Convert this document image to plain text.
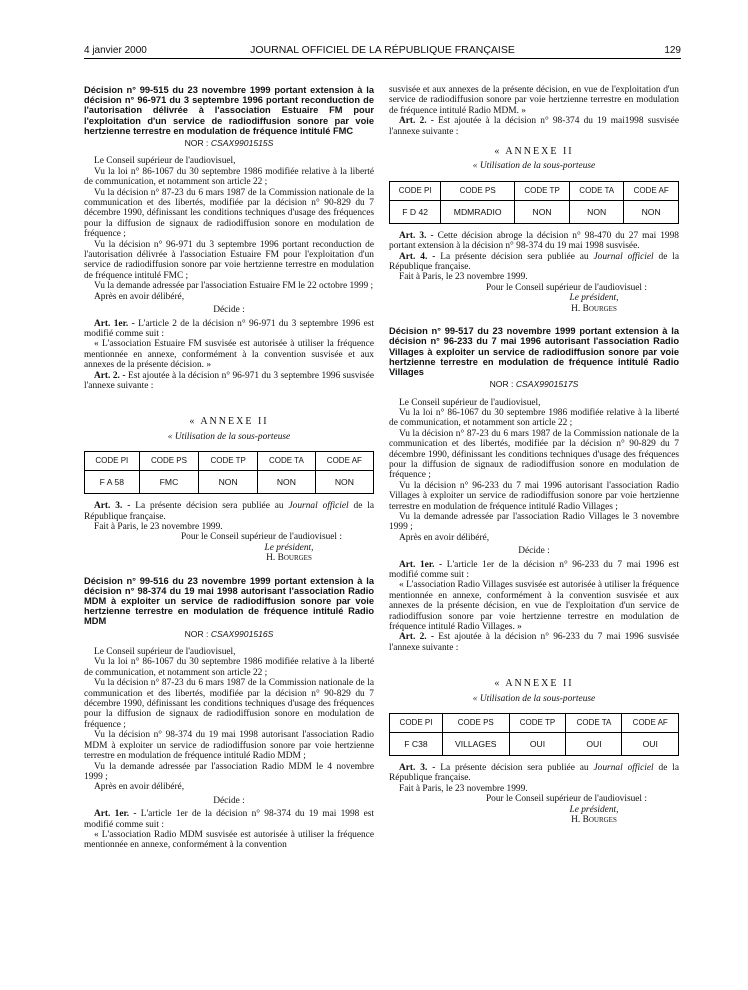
4 janvier 2000	JOURNAL OFFICIEL DE LA RÉPUBLIQUE FRANÇAISE	129
Décision n° 99-515 du 23 novembre 1999 portant extension à la décision n° 96-971 du 3 septembre 1996 portant reconduction de l'autorisation délivrée à l'association Estuaire FM pour l'exploitation d'un service de radiodiffusion sonore par voie hertzienne terrestre en modulation de fréquence intitulé FMC
NOR : CSAX9901515S

Le Conseil supérieur de l'audiovisuel,

Vu la loi n° 86-1067 du 30 septembre 1986 modifiée relative à la liberté de communication, et notamment son article 22 ;

Vu la décision n° 87-23 du 6 mars 1987 de la Commission nationale de la communication et des libertés, modifiée par la décision n° 90-829 du 7 décembre 1990, définissant les conditions techniques d'usage des fréquences pour la diffusion de signaux de radiodiffusion sonore en modulation de fréquence ;

Vu la décision n° 96-971 du 3 septembre 1996 portant reconduction de l'autorisation délivrée à l'association Estuaire FM pour l'exploitation d'un service de radiodiffusion sonore par voie hertzienne terrestre en modulation de fréquence intitulé FMC ;

Vu la demande adressée par l'association Estuaire FM le 22 octobre 1999 ;

Après en avoir délibéré,

Décide :

Art. 1er. - L'article 2 de la décision n° 96-971 du 3 septembre 1996 est modifié comme suit :

« L'association Estuaire FM susvisée est autorisée à utiliser la fréquence mentionnée en annexe, conformément à la convention susvisée et aux annexes de la présente décision. »

Art. 2. - Est ajoutée à la décision n° 96-971 du 3 septembre 1996 susvisée l'annexe suivante :

« ANNEXE II
« Utilisation de la sous-porteuse
CODE PI	CODE PS	CODE TP	CODE TA	CODE AF
F A 58	FMC	NON	NON	NON

Art. 3. - La présente décision sera publiée au Journal officiel de la République française.

Fait à Paris, le 23 novembre 1999.

Pour le Conseil supérieur de l'audiovisuel :

Le président,

H. Bourges

Décision n° 99-516 du 23 novembre 1999 portant extension à la décision n° 98-374 du 19 mai 1998 autorisant l'association Radio MDM à exploiter un service de radiodiffusion sonore par voie hertzienne terrestre en modulation de fréquence intitulé Radio MDM
NOR : CSAX9901516S

Le Conseil supérieur de l'audiovisuel,

Vu la loi n° 86-1067 du 30 septembre 1986 modifiée relative à la liberté de communication, et notamment son article 22 ;

Vu la décision n° 87-23 du 6 mars 1987 de la Commission nationale de la communication et des libertés, modifiée par la décision n° 90-829 du 7 décembre 1990, définissant les conditions techniques d'usage des fréquences pour la diffusion de signaux de radiodiffusion sonore en modulation de fréquence ;

Vu la décision n° 98-374 du 19 mai 1998 autorisant l'association Radio MDM à exploiter un service de radiodiffusion sonore par voie hertzienne terrestre en modulation de fréquence intitulé Radio MDM ;

Vu la demande adressée par l'association Radio MDM le 4 novembre 1999 ;

Après en avoir délibéré,

Décide :

Art. 1er. - L'article 1er de la décision n° 98-374 du 19 mai 1998 est modifié comme suit :

« L'association Radio MDM susvisée est autorisée à utiliser la fréquence mentionnée en annexe, conformément à la convention

susvisée et aux annexes de la présente décision, en vue de l'exploitation d'un service de radiodiffusion sonore par voie hertzienne terrestre en modulation de fréquence intitulé Radio MDM. »

Art. 2. - Est ajoutée à la décision n° 98-374 du 19 mai1998 susvisée l'annexe suivante :

« ANNEXE II
« Utilisation de la sous-porteuse
CODE PI	CODE PS	CODE TP	CODE TA	CODE AF
F D 42	MDMRADIO	NON	NON	NON

Art. 3. - Cette décision abroge la décision n° 98-470 du 27 mai 1998 portant extension à la décision n° 98-374 du 19 mai 1998 susvisée.

Art. 4. - La présente décision sera publiée au Journal officiel de la République française.

Fait à Paris, le 23 novembre 1999.

Pour le Conseil supérieur de l'audiovisuel :

Le président,

H. Bourges

Décision n° 99-517 du 23 novembre 1999 portant extension à la décision n° 96-233 du 7 mai 1996 autorisant l'association Radio Villages à exploiter un service de radiodiffusion sonore par voie hertzienne terrestre en modulation de fréquence intitulé Radio Villages
NOR : CSAX9901517S

Le Conseil supérieur de l'audiovisuel,

Vu la loi n° 86-1067 du 30 septembre 1986 modifiée relative à la liberté de communication, et notamment son article 22 ;

Vu la décision n° 87-23 du 6 mars 1987 de la Commission nationale de la communication et des libertés, modifiée par la décision n° 90-829 du 7 décembre 1990, définissant les conditions techniques d'usage des fréquences pour la diffusion de signaux de radiodiffusion sonore en modulation de fréquence ;

Vu la décision n° 96-233 du 7 mai 1996 autorisant l'association Radio Villages à exploiter un service de radiodiffusion sonore par voie hertzienne terrestre en modulation de fréquence intitulé Radio Villages ;

Vu la demande adressée par l'association Radio Villages le 3 novembre 1999 ;

Après en avoir délibéré,

Décide :

Art. 1er. - L'article 1er de la décision n° 96-233 du 7 mai 1996 est modifié comme suit :

« L'association Radio Villages susvisée est autorisée à utiliser la fréquence mentionnée en annexe, conformément à la convention susvisée et aux annexes de la présente décision, en vue de l'exploitation d'un service de radiodiffusion sonore par voie hertzienne terrestre en modulation de fréquence intitulé Radio Villages. »

Art. 2. - Est ajoutée à la décision n° 96-233 du 7 mai 1996 susvisée l'annexe suivante :

« ANNEXE II
« Utilisation de la sous-porteuse
CODE PI	CODE PS	CODE TP	CODE TA	CODE AF
F C38	VILLAGES	OUI	OUI	OUI

Art. 3. - La présente décision sera publiée au Journal officiel de la République française.

Fait à Paris, le 23 novembre 1999.

Pour le Conseil supérieur de l'audiovisuel :

Le président,

H. Bourges
